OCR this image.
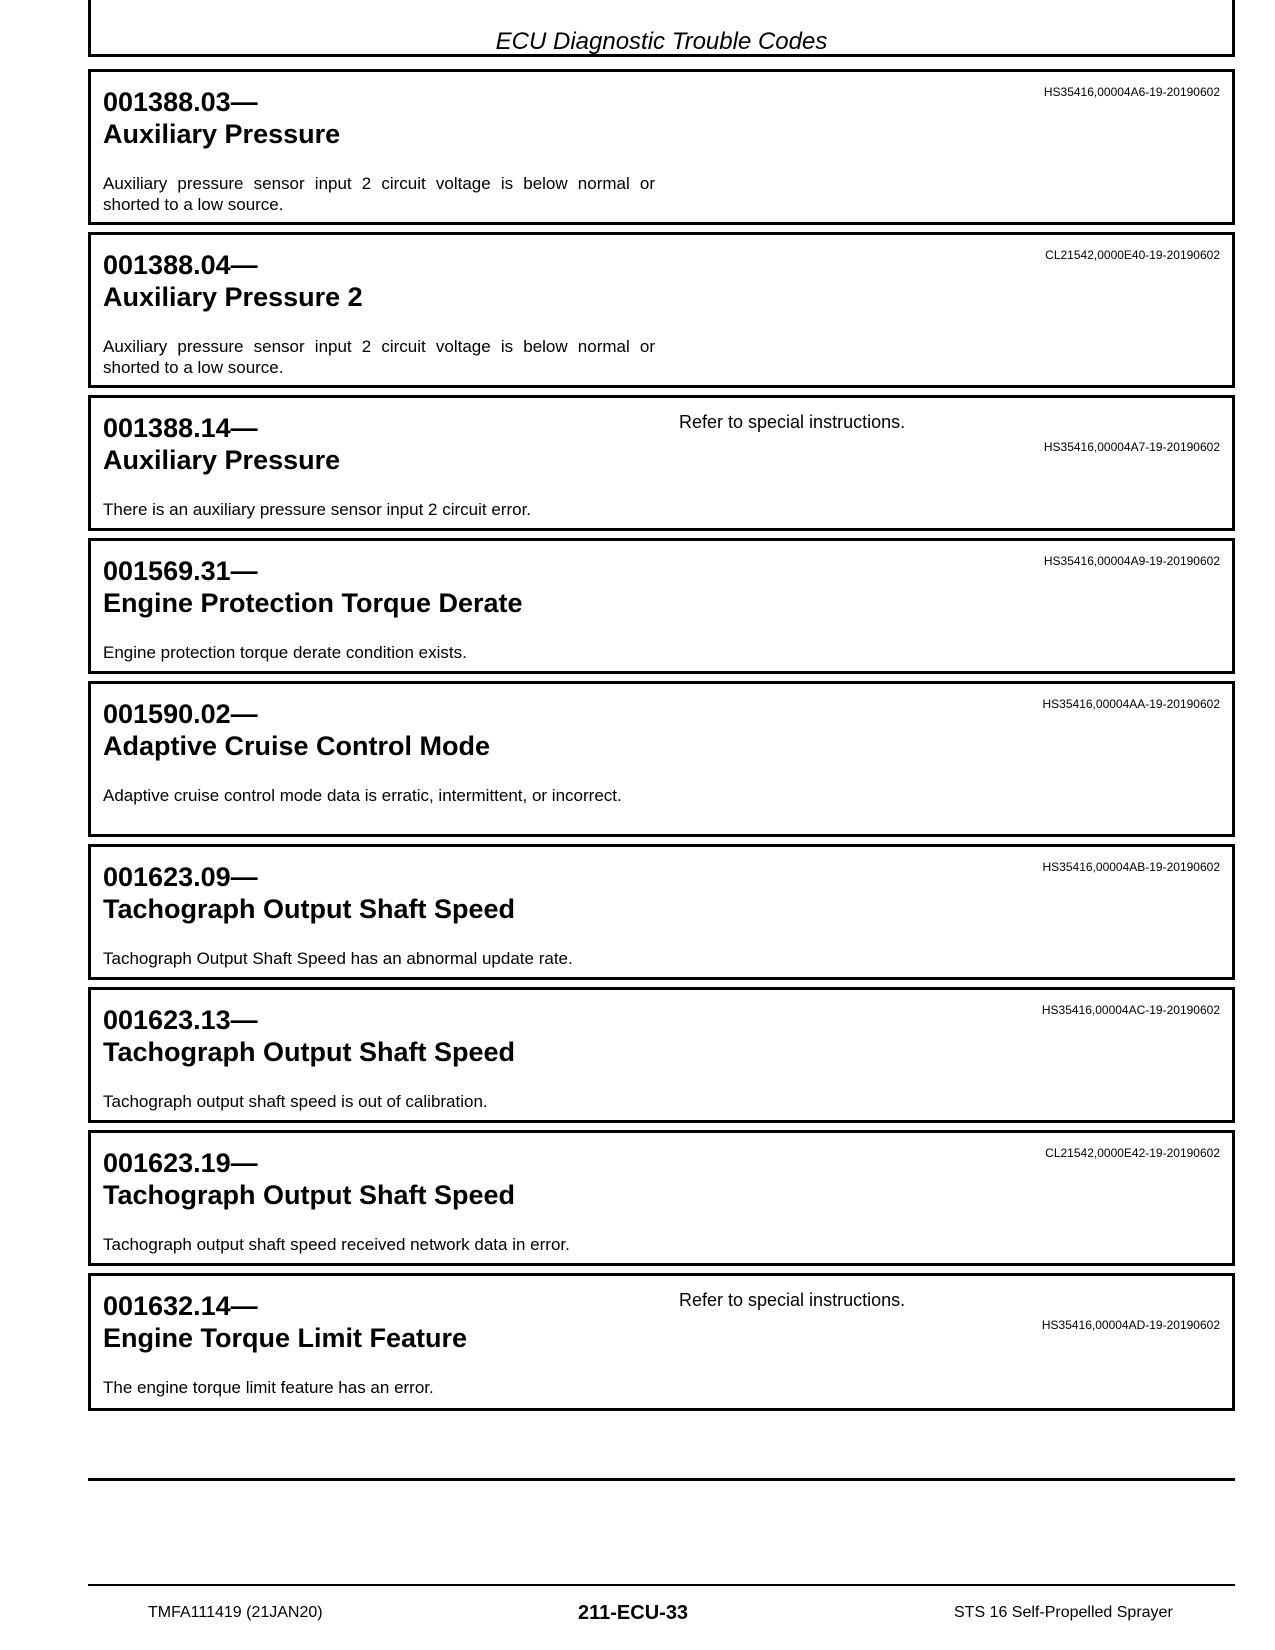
ECU Diagnostic Trouble Codes
001388.03—
Auxiliary Pressure
HS35416,00004A6-19-20190602
Auxiliary pressure sensor input 2 circuit voltage is below normal or shorted to a low source.
001388.04—
Auxiliary Pressure 2
CL21542,0000E40-19-20190602
Auxiliary pressure sensor input 2 circuit voltage is below normal or shorted to a low source.
001388.14—
Auxiliary Pressure
Refer to special instructions.
HS35416,00004A7-19-20190602
There is an auxiliary pressure sensor input 2 circuit error.
001569.31—
Engine Protection Torque Derate
HS35416,00004A9-19-20190602
Engine protection torque derate condition exists.
001590.02—
Adaptive Cruise Control Mode
HS35416,00004AA-19-20190602
Adaptive cruise control mode data is erratic, intermittent, or incorrect.
001623.09—
Tachograph Output Shaft Speed
HS35416,00004AB-19-20190602
Tachograph Output Shaft Speed has an abnormal update rate.
001623.13—
Tachograph Output Shaft Speed
HS35416,00004AC-19-20190602
Tachograph output shaft speed is out of calibration.
001623.19—
Tachograph Output Shaft Speed
CL21542,0000E42-19-20190602
Tachograph output shaft speed received network data in error.
001632.14—
Engine Torque Limit Feature
Refer to special instructions.
HS35416,00004AD-19-20190602
The engine torque limit feature has an error.
TMFA111419 (21JAN20)	211-ECU-33	STS 16 Self-Propelled Sprayer
